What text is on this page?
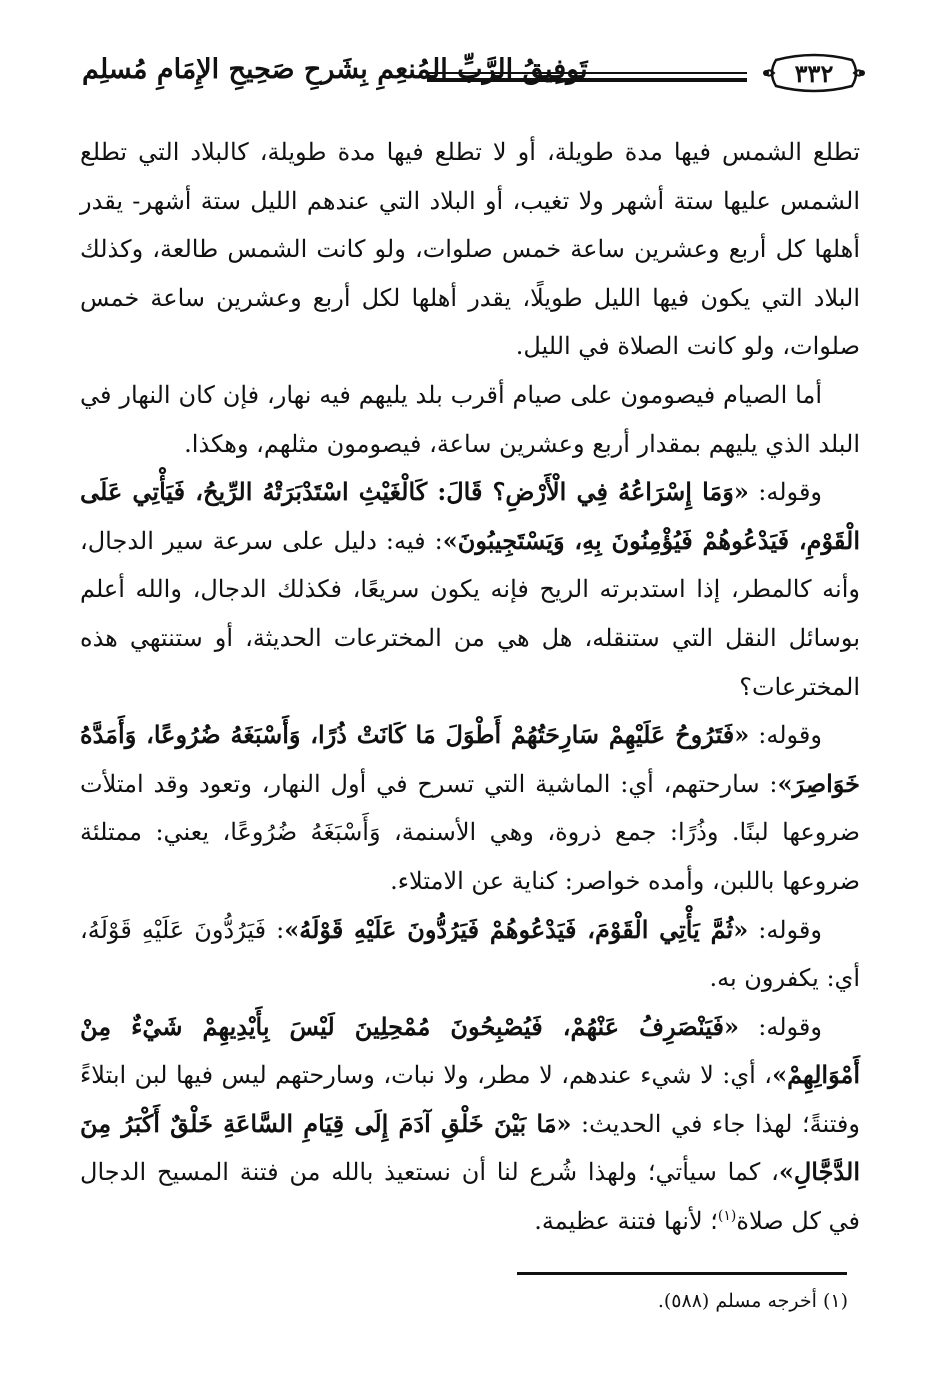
تَوفِيقُ الرَّبِّ المُنعِمِ بِشَرحِ صَحِيحِ الإِمَامِ مُسلِم	٣٣٢

تطلع الشمس فيها مدة طويلة، أو لا تطلع فيها مدة طويلة، كالبلاد التي تطلع الشمس عليها ستة أشهر ولا تغيب، أو البلاد التي عندهم الليل ستة أشهر- يقدر أهلها كل أربع وعشرين ساعة خمس صلوات، ولو كانت الشمس طالعة، وكذلك البلاد التي يكون فيها الليل طويلًا، يقدر أهلها لكل أربع وعشرين ساعة خمس صلوات، ولو كانت الصلاة في الليل.

أما الصيام فيصومون على صيام أقرب بلد يليهم فيه نهار، فإن كان النهار في البلد الذي يليهم بمقدار أربع وعشرين ساعة، فيصومون مثلهم، وهكذا.

وقوله: «وَمَا إِسْرَاعُهُ فِي الْأَرْضِ؟ قَالَ: كَالْغَيْثِ اسْتَدْبَرَتْهُ الرِّيحُ، فَيَأْتِي عَلَى الْقَوْمِ، فَيَدْعُوهُمْ فَيُؤْمِنُونَ بِهِ، وَيَسْتَجِيبُونَ»: فيه: دليل على سرعة سير الدجال، وأنه كالمطر، إذا استدبرته الريح فإنه يكون سريعًا، فكذلك الدجال، والله أعلم بوسائل النقل التي ستنقله، هل هي من المخترعات الحديثة، أو ستنتهي هذه المخترعات؟

وقوله: «فَتَرُوحُ عَلَيْهِمْ سَارِحَتُهُمْ أَطْوَلَ مَا كَانَتْ ذُرًا، وَأَسْبَغَهُ ضُرُوعًا، وَأَمَدَّهُ خَوَاصِرَ»: سارحتهم، أي: الماشية التي تسرح في أول النهار، وتعود وقد امتلأت ضروعها لبنًا. وذُرًا: جمع ذروة، وهي الأسنمة، وَأَسْبَغَهُ ضُرُوعًا، يعني: ممتلئة ضروعها باللبن، وأمده خواصر: كناية عن الامتلاء.

وقوله: «ثُمَّ يَأْتِي الْقَوْمَ، فَيَدْعُوهُمْ فَيَرُدُّونَ عَلَيْهِ قَوْلَهُ»: فَيَرُدُّونَ عَلَيْهِ قَوْلَهُ، أي: يكفرون به.

وقوله: «فَيَنْصَرِفُ عَنْهُمْ، فَيُصْبِحُونَ مُمْحِلِينَ لَيْسَ بِأَيْدِيهِمْ شَيْءٌ مِنْ أَمْوَالِهِمْ»، أي: لا شيء عندهم، لا مطر، ولا نبات، وسارحتهم ليس فيها لبن ابتلاءً وفتنةً؛ لهذا جاء في الحديث: «مَا بَيْنَ خَلْقِ آدَمَ إِلَى قِيَامِ السَّاعَةِ خَلْقٌ أَكْبَرُ مِنَ الدَّجَّالِ»، كما سيأتي؛ ولهذا شُرع لنا أن نستعيذ بالله من فتنة المسيح الدجال في كل صلاة$^{(١)}$؛ لأنها فتنة عظيمة.

(١) أخرجه مسلم (٥٨٨).
